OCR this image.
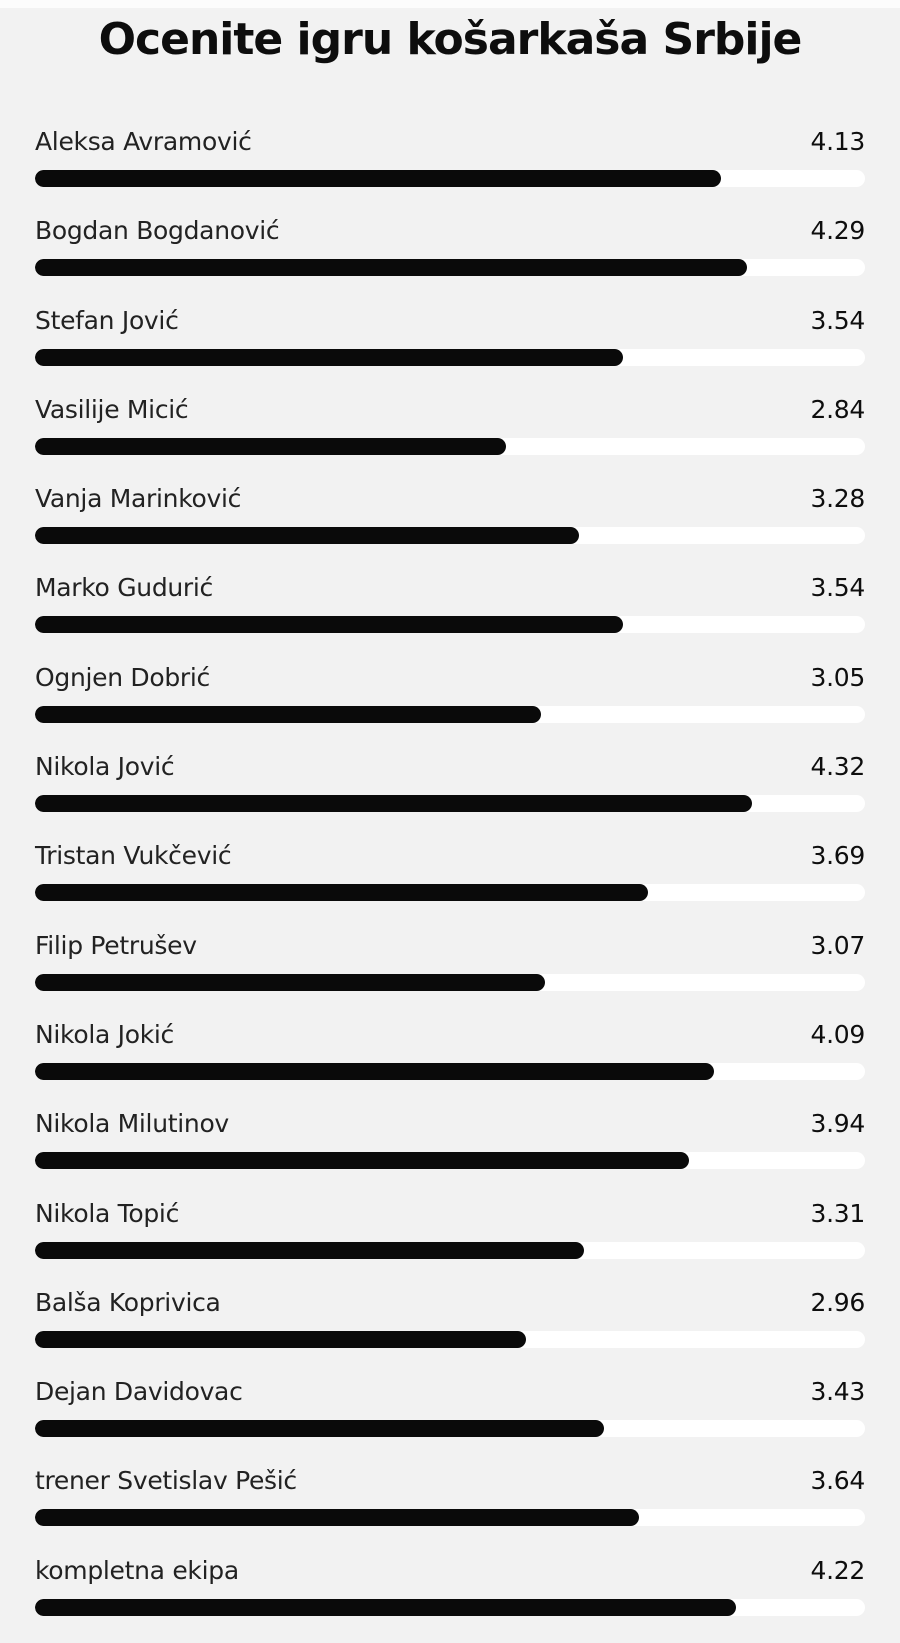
Ocenite igru košarkaša Srbije
Aleksa Avramović	4.13
Bogdan Bogdanović	4.29
Stefan Jović	3.54
Vasilije Micić	2.84
Vanja Marinković	3.28
Marko Gudurić	3.54
Ognjen Dobrić	3.05
Nikola Jović	4.32
Tristan Vukčević	3.69
Filip Petrušev	3.07
Nikola Jokić	4.09
Nikola Milutinov	3.94
Nikola Topić	3.31
Balša Koprivica	2.96
Dejan Davidovac	3.43
trener Svetislav Pešić	3.64
kompletna ekipa	4.22
